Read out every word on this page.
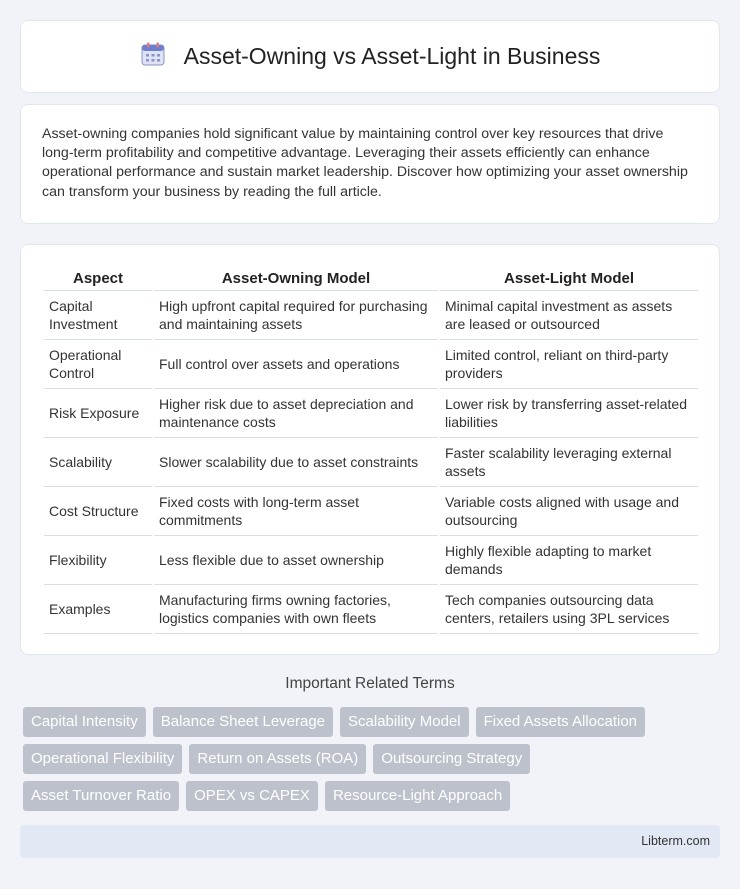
Asset-Owning vs Asset-Light in Business

Asset-owning companies hold significant value by maintaining control over key resources that drive long-term profitability and competitive advantage. Leveraging their assets efficiently can enhance operational performance and sustain market leadership. Discover how optimizing your asset ownership can transform your business by reading the full article.

Aspect	Asset-Owning Model	Asset-Light Model
Capital Investment	High upfront capital required for purchasing and maintaining assets	Minimal capital investment as assets are leased or outsourced
Operational Control	Full control over assets and operations	Limited control, reliant on third-party providers
Risk Exposure	Higher risk due to asset depreciation and maintenance costs	Lower risk by transferring asset-related liabilities
Scalability	Slower scalability due to asset constraints	Faster scalability leveraging external assets
Cost Structure	Fixed costs with long-term asset commitments	Variable costs aligned with usage and outsourcing
Flexibility	Less flexible due to asset ownership	Highly flexible adapting to market demands
Examples	Manufacturing firms owning factories, logistics companies with own fleets	Tech companies outsourcing data centers, retailers using 3PL services
Important Related Terms
Capital Intensity	Balance Sheet Leverage	Scalability Model	Fixed Assets Allocation
Operational Flexibility	Return on Assets (ROA)	Outsourcing Strategy
Asset Turnover Ratio	OPEX vs CAPEX	Resource-Light Approach
Libterm.com
